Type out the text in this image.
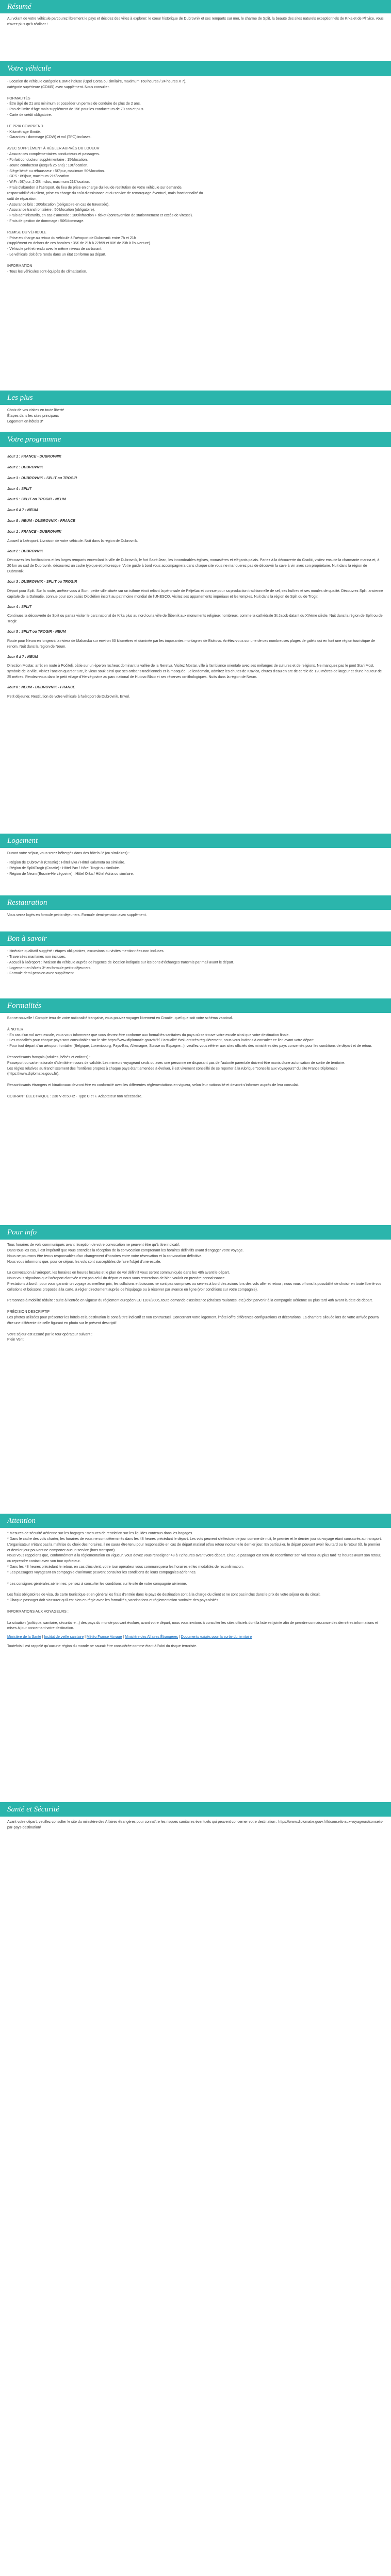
Résumé

Au volant de votre véhicule parcourez librement le pays et décidez des villes à explorer: le coeur historique de Dubrovnik et ses remparts sur mer, le charme de Split, la beauté des sites naturels exceptionnels de Krka et de Plitvice, vous n'avez plus qu'à réaliser !

Votre véhicule

- Location de véhicule catégorie EDMR incluse (Opel Corsa ou similaire, maximum 168 heures / 24 heures X 7),

catégorie supérieure (CDMR) avec supplément. Nous consulter.

FORMALITÉS

- Être âgé de 21 ans minimum et posséder un permis de conduire de plus de 2 ans.

- Pas de limite d'âge mais supplément de 15€ pour les conducteurs de 70 ans et plus.

- Carte de crédit obligatoire.

LE PRIX COMPREND

- Kilométrage illimité.

- Garanties : dommage (CDW) et vol (TPC) incluses.

AVEC SUPPLÉMENT À RÉGLER AUPRÈS DU LOUEUR

- Assurances complémentaires conducteurs et passagers.

- Forfait conducteur supplémentaire : 15€/location.

- Jeune conducteur (jusqu'à 25 ans) : 10€/location.

- Siège bébé ou réhausseur : 5€/jour, maximum 50€/location.

- GPS : 8€/jour, maximum 21€/location.

- WiFi : 5€/jour, 2 GB inclus, maximum 21€/location.

- Frais d'abandon à l'aéroport, du lieu de prise en charge du lieu de restitution de votre véhicule sur demande.

responsabilité du client, prise en charge du coût d'assistance et du service de remorquage éventuel, mais fonctionnalité du

coût de réparation.

- Assurance bris : 20€/location (obligatoire en cas de traversée).

- Assurance transfrontalière : 50€/location (obligatoire).

- Frais administratifs, en cas d'amende : 10€/infraction + ticket (contravention de stationnement et excès de vitesse).

- Frais de gestion de dommage : 50€/dommage.

REMISE DU VÉHICULE

- Prise en charge au retour du véhicule à l'aéroport de Dubrovnik entre 7h et 21h

(supplément en dehors de ces horaires : 35€ de 21h à 22h59 et 80€ de 23h à l'ouverture).

- Véhicule prêt et rendu avec le même niveau de carburant.

- Le véhicule doit être rendu dans un état conforme au départ.

INFORMATION

- Tous les véhicules sont équipés de climatisation.

Les plus

Choix de vos visites en toute liberté

Étapes dans les sites principaux

Logement en hôtels 3*

Votre programme

Jour 1 : FRANCE - DUBROVNIK

Jour 2 : DUBROVNIK

Jour 3 : DUBROVNIK - SPLIT ou TROGIR

Jour 4 : SPLIT

Jour 5 : SPLIT ou TROGIR - NEUM

Jour 6 à 7 : NEUM

Jour 8 : NEUM - DUBROVNIK - FRANCE

Jour 1 : FRANCE - DUBROVNIK

Accueil à l'aéroport. Livraison de votre véhicule. Nuit dans la région de Dubrovnik.

Jour 2 : DUBROVNIK

Découvrez les fortifications et les larges remparts encerclant la ville de Dubrovnik, le fort Saint-Jean, les innombrables églises, monastères et élégants palais. Partez à la découverte du Gradić, visitez ensuite la charmante marina et, à 20 km au sud de Dubrovnik, découvrez un cadre typique et pittoresque. Votre guide à bord vous accompagnera dans chaque site vous ne manquerez pas de découvrir la cave à vin avec son propriétaire. Nuit dans la région de Dubrovnik.

Jour 3 : DUBROVNIK - SPLIT ou TROGIR

Départ pour Split. Sur la route, arrêtez-vous à Ston, petite ville située sur un isthme étroit reliant la péninsule de Pelješac et connue pour sa production traditionnelle de sel, ses huîtres et ses moules de qualité. Découvrez Split, ancienne capitale de la Dalmatie, connue pour son palais Dioclétien inscrit au patrimoine mondial de l'UNESCO. Visitez ses appartements impériaux et les temples. Nuit dans la région de Split ou de Trogir.

Jour 4 : SPLIT

Continuez la découverte de Split ou partez visiter le parc national de Krka plus au nord ou la ville de Šibenik aux monuments religieux nombreux, comme la cathédrale St Jacob datant du XVème siècle. Nuit dans la région de Split ou de Trogir.

Jour 5 : SPLIT ou TROGIR - NEUM

Route pour Neum en longeant la riviera de Makarska sur environ 60 kilomètres et dominée par les imposantes montagnes de Biokovo. Arrêtez-vous sur une de ces nombreuses plages de galets qui en font une région touristique de renom. Nuit dans la région de Neum.

Jour 6 à 7 : NEUM

Direction Mostar, arrêt en route à Počitelj, bâtie sur un éperon rocheux dominant la vallée de la Neretva. Visitez Mostar, ville à l'ambiance orientale avec ses mélanges de cultures et de religions. Ne manquez pas le pont Stari Most, symbole de la ville. Visitez l'ancien quartier turc, le vieux souk ainsi que ses artisans traditionnels et la mosquée. Le lendemain, admirez les chutes de Kravica, chutes d'eau en arc de cercle de 120 mètres de largeur et d'une hauteur de 25 mètres. Rendez-vous dans le petit village d'Herzégovine au parc national de Hutovo Blato et ses réserves ornithologiques. Nuits dans la région de Neum.

Jour 8 : NEUM - DUBROVNIK - FRANCE

Petit déjeuner. Restitution de votre véhicule à l'aéroport de Dubrovnik. Envol.

Logement

Durant votre séjour, vous serez hébergés dans des hôtels 3* (ou similaires) :

- Région de Dubrovnik (Croatie) : Hôtel Ivka / Hôtel Kalamota ou similaire.

- Région de Split/Trogir (Croatie) : Hôtel Pax / Hôtel Trogir ou similaire.

- Région de Neum (Bosnie-Herzégovine) : Hôtel Orka / Hôtel Adria ou similaire.

Restauration

Vous serez logés en formule petits-déjeuners. Formule demi-pension avec supplément.

Bon à savoir

- Itinéraire qualitatif suggéré : étapes obligatoires, excursions ou visites mentionnées non incluses.

- Traversées maritimes non incluses.

- Accueil à l'aéroport : livraison du véhicule auprès de l'agence de location indiquée sur les bons d'échanges transmis par mail avant le départ.

- Logement en hôtels 3* en formule petits-déjeuners.

- Formule demi-pension avec supplément.

Formalités

Bonne nouvelle ! Compte tenu de votre nationalité française, vous pouvez voyager librement en Croatie, quel que soit votre schéma vaccinal.

À NOTER

- En cas d'un vol avec escale, vous vous informerez que vous devrez être conforme aux formalités sanitaires du pays où se trouve votre escale ainsi que votre destination finale.

- Les modalités pour chaque pays sont consultables sur le site https://www.diplomatie.gouv.fr/fr/ L'actualité évoluant très régulièrement, nous vous invitons à consulter ce lien avant votre départ.

- Pour tout départ d'un aéroport frontalier (Belgique, Luxembourg, Pays-Bas, Allemagne, Suisse ou Espagne...), veuillez vous référer aux sites officiels des ministères des pays concernés pour les conditions de départ et de retour.

Ressortissants français (adultes, bébés et enfants) :

Passeport ou carte nationale d'identité en cours de validité. Les mineurs voyageant seuls ou avec une personne ne disposant pas de l'autorité parentale doivent être munis d'une autorisation de sortie de territoire.

Les règles relatives au franchissement des frontières propres à chaque pays étant amenées à évoluer, il est vivement conseillé de se reporter à la rubrique "conseils aux voyageurs" du site France Diplomatie (https://www.diplomatie.gouv.fr/).

Ressortissants étrangers et binationaux devront être en conformité avec les différentes réglementations en vigueur, selon leur nationalité et devront s'informer auprès de leur consulat.

COURANT ÉLECTRIQUE : 230 V et 50Hz - Type C et F. Adaptateur non nécessaire.

Pour info

Tous horaires de vols communiqués avant réception de votre convocation ne peuvent être qu'à titre indicatif.

Dans tous les cas, il est impératif que vous attendiez la réception de la convocation comprenant les horaires définitifs avant d'engager votre voyage.

Nous ne pourrons être tenus responsables d'un changement d'horaires entre votre réservation et la convocation définitive.

Nous vous informons que, pour ce séjour, les vols sont susceptibles de faire l'objet d'une escale.

La convocation à l'aéroport, les horaires en heures locales et le plan de vol définitif vous seront communiqués dans les 48h avant le départ.

Nous vous signalons que l'aéroport d'arrivée n'est pas celui du départ et nous vous remercions de bien vouloir en prendre connaissance.

Prestations à bord : pour vous garantir un voyage au meilleur prix, les collations et boissons ne sont pas comprises ou servies à bord des avions lors des vols aller et retour ; nous vous offrons la possibilité de choisir en toute liberté vos collations et boissons proposés à la carte, à régler directement auprès de l'équipage ou à réserver par avance en ligne (voir conditions sur votre compagnie).

Personnes à mobilité réduite : suite à l'entrée en vigueur du règlement européen EU 1107/2006, toute demande d'assistance (chaises roulantes, etc.) doit parvenir à la compagnie aérienne au plus tard 48h avant la date de départ.

PRÉCISION DESCRIPTIF

Les photos utilisées pour présenter les hôtels et la destination le sont à titre indicatif et non contractuel. Concernant votre logement, l'hôtel offre différentes configurations et décorations. La chambre allouée lors de votre arrivée pourra être une différente de celle figurant en photo sur le présent descriptif.

Votre séjour est assuré par le tour opérateur suivant :

Plein Vent

Attention

* Mesures de sécurité aérienne sur les bagages : mesures de restriction sur les liquides contenus dans les bagages.

* Dans le cadre des vols charter, les horaires de vous ne sont déterminés dans les 48 heures précédant le départ. Les vols peuvent s'effectuer de jour comme de nuit, le premier et le dernier jour du voyage étant consacrés au transport.

L'organisateur n'étant pas la maîtrise du choix des horaires, il ne saura être tenu pour responsable en cas de départ matinal et/ou retour nocturne le dernier jour. En particulier, le départ pouvant avoir lieu tard ou le retour tôt, le premier et dernier jour pouvant ne comporter aucun service (hors transport).

Nous vous rappelons que, conformément à la réglementation en vigueur, vous devez vous renseigner 48 à 72 heures avant votre départ. Chaque passager est tenu de reconfirmer son vol retour au plus tard 72 heures avant son retour, ou reprendre contact avec son tour opérateur.

* Dans les 48 heures précédant le retour, en cas d'incident, votre tour opérateur vous communiquera les horaires et les modalités de reconfirmation.

* Les passagers voyageant en compagnie d'animaux peuvent consulter les conditions de leurs compagnies aériennes.

* Les consignes générales aériennes: pensez à consulter les conditions sur le site de votre compagnie aérienne.

Les frais obligatoires de visa, de carte touristique et en général les frais d'entrée dans le pays de destination sont à la charge du client et ne sont pas inclus dans le prix de votre séjour ou du circuit.

* Chaque passager doit s'assurer qu'il est bien en règle avec les formalités, vaccinations et réglementation sanitaire des pays visités.

INFORMATIONS AUX VOYAGEURS :

La situation (politique, sanitaire, sécuritaire...) des pays du monde pouvant évoluer, avant votre départ, nous vous invitons à consulter les sites officiels dont la liste est jointe afin de prendre connaissance des dernières informations et mises à jour concernant votre destination.

Ministère de la Santé | Institut de veille sanitaire | Météo France Voyage | Ministère des Affaires Étrangères | Documents exigés pour la sortie du territoire

Toutefois il est rappelé qu'aucune région du monde ne saurait être considérée comme étant à l'abri du risque terroriste.

Santé et Sécurité

Avant votre départ, veuillez consulter le site du ministère des Affaires étrangères pour connaître les risques sanitaires éventuels qui peuvent concerner votre destination : https://www.diplomatie.gouv.fr/fr/conseils-aux-voyageurs/conseils-par-pays-destination/
